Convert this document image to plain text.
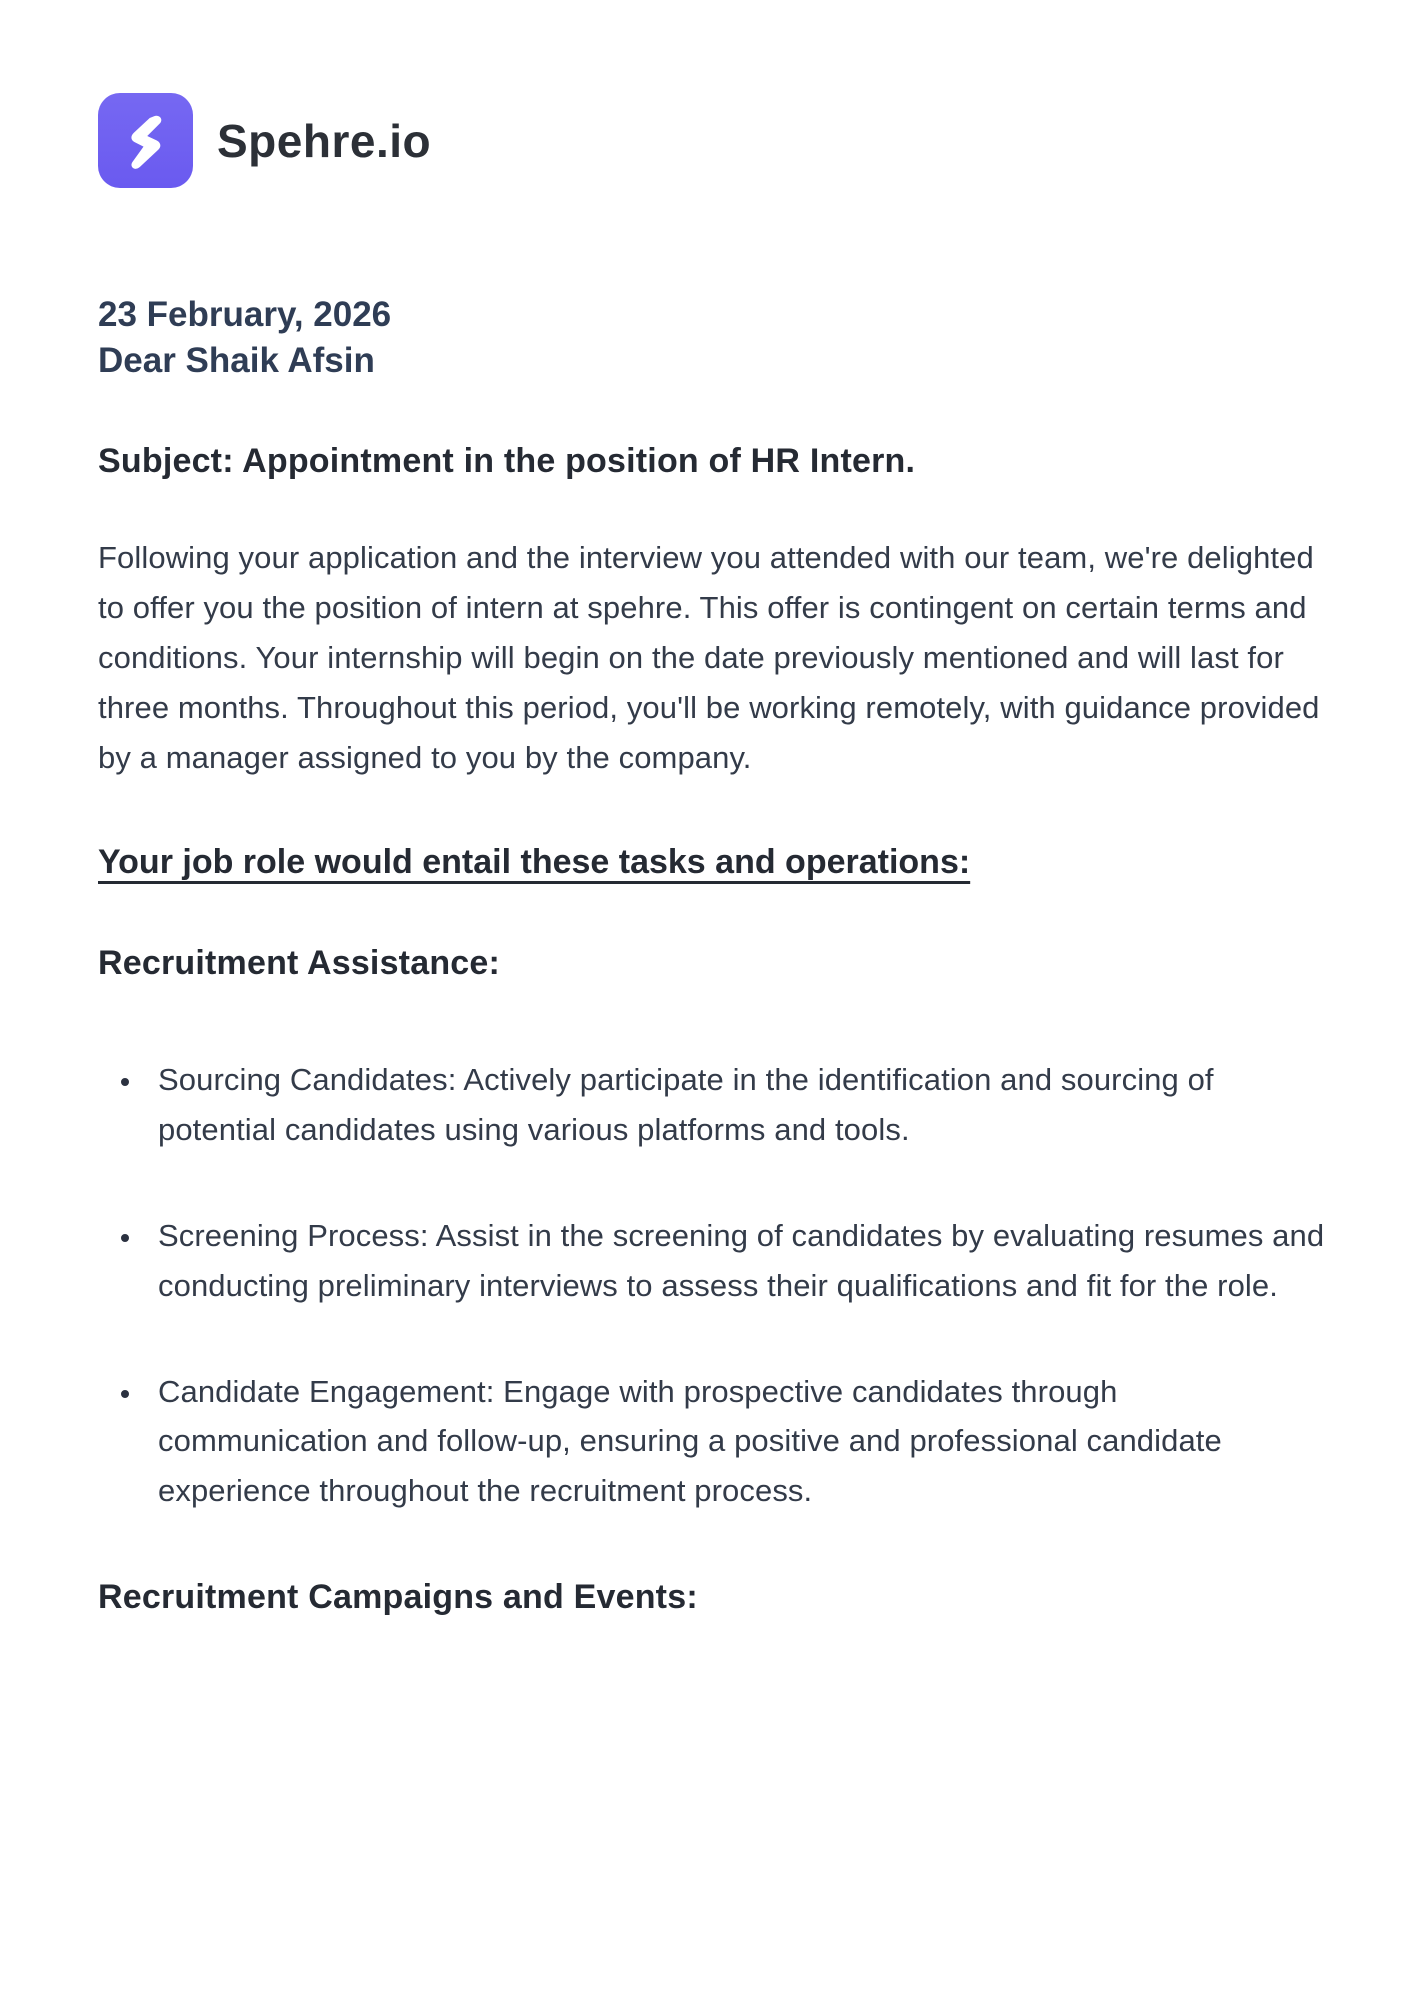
Spehre.io
23 February, 2026
Dear Shaik Afsin
Subject: Appointment in the position of HR Intern.
Following your application and the interview you attended with our team, we're delighted to offer you the position of intern at spehre. This offer is contingent on certain terms and conditions. Your internship will begin on the date previously mentioned and will last for three months. Throughout this period, you'll be working remotely, with guidance provided by a manager assigned to you by the company.
Your job role would entail these tasks and operations:
Recruitment Assistance:
• Sourcing Candidates: Actively participate in the identification and sourcing of potential candidates using various platforms and tools.
• Screening Process: Assist in the screening of candidates by evaluating resumes and conducting preliminary interviews to assess their qualifications and fit for the role.
• Candidate Engagement: Engage with prospective candidates through communication and follow-up, ensuring a positive and professional candidate experience throughout the recruitment process.
Recruitment Campaigns and Events:
